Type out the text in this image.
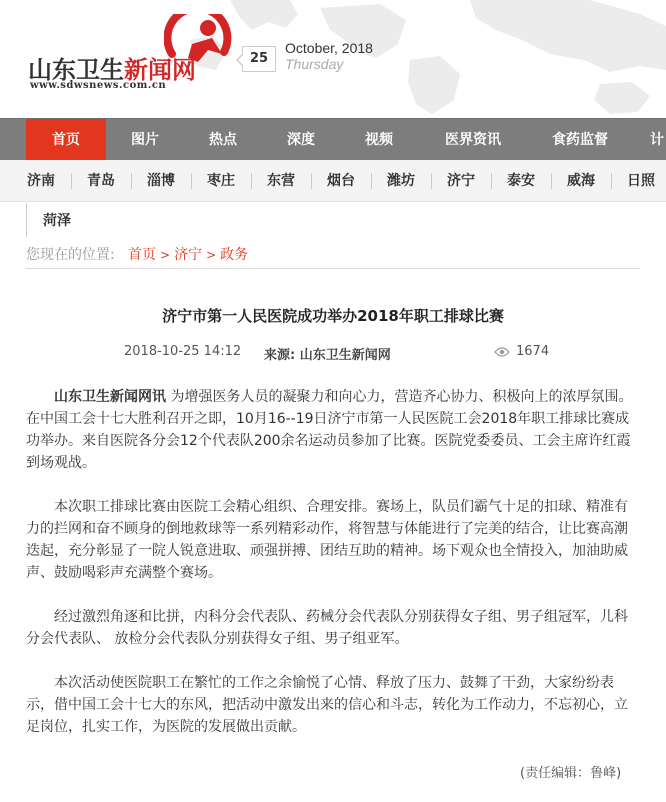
山东卫生新闻网
www.sdwsnews.com.cn
25
October, 2018
Thursday
首页	图片	热点	深度	视频	医界资讯	食药监督	计
济南 青岛 淄博 枣庄 东营 烟台 潍坊 济宁 泰安 威海 日照
菏泽
您现在的位置: 首页 > 济宁 > 政务
济宁市第一人民医院成功举办2018年职工排球比赛
2018-10-25 14:12 来源: 山东卫生新闻网	1674

山东卫生新闻网讯 为增强医务人员的凝聚力和向心力，营造齐心协力、积极向上的浓厚氛围。在中国工会十七大胜利召开之即，10月16--19日济宁市第一人民医院工会2018年职工排球比赛成功举办。来自医院各分会12个代表队200余名运动员参加了比赛。医院党委委员、工会主席许红霞到场观战。

本次职工排球比赛由医院工会精心组织、合理安排。赛场上，队员们霸气十足的扣球、精准有力的拦网和奋不顾身的倒地救球等一系列精彩动作，将智慧与体能进行了完美的结合，让比赛高潮迭起，充分彰显了一院人锐意进取、顽强拼搏、团结互助的精神。场下观众也全情投入，加油助威声、鼓励喝彩声充满整个赛场。

经过激烈角逐和比拼，内科分会代表队、药械分会代表队分别获得女子组、男子组冠军，儿科分会代表队、 放检分会代表队分别获得女子组、男子组亚军。

本次活动使医院职工在繁忙的工作之余愉悦了心情、释放了压力、鼓舞了干劲，大家纷纷表示，借中国工会十七大的东风，把活动中激发出来的信心和斗志，转化为工作动力，不忘初心，立足岗位，扎实工作，为医院的发展做出贡献。

(责任编辑：鲁峰)
